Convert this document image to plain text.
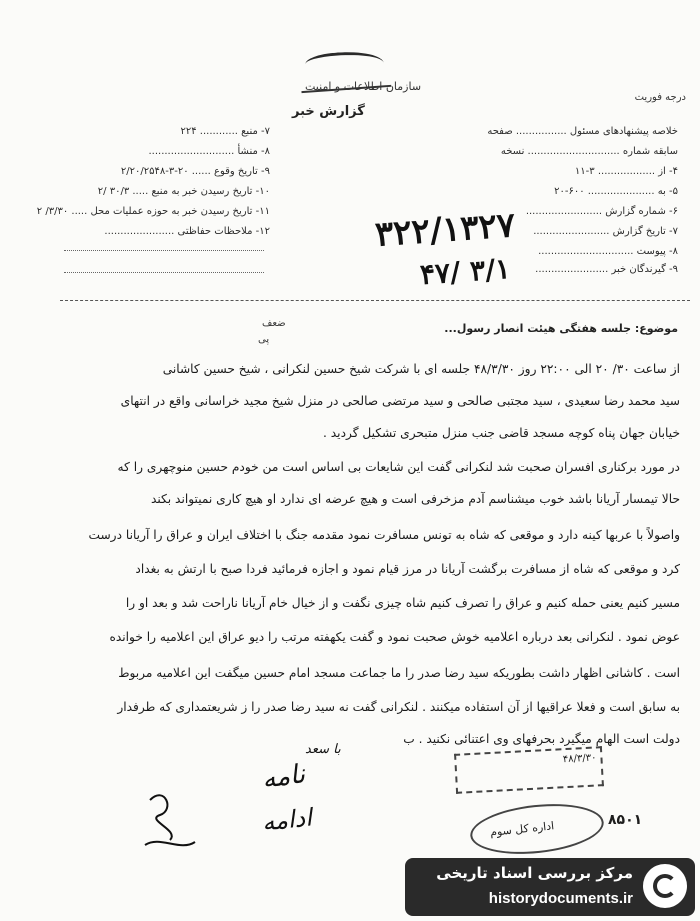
سازمان اطلاعات و امنیت
درجه فوریت
گزارش خبر
خلاصه پیشنهادهای مسئول ................ صفحه
سابقه شماره ............................. نسخه
۴- از .................. ۳-۱۱
۵- به ..................... ۶۰۰-۲۰
۶- شماره گزارش ........................
۷- تاریخ گزارش ........................
۸- پیوست ..............................
۹- گیرندگان خبر .......................
۷- منبع ............ ۲۲۴
۸- منشأ ...........................
۹- تاریخ وقوع ...... ۲۰-۳-۲/۲۰/۲۵۴۸
۱۰- تاریخ رسیدن خبر به منبع ..... ۳۰/۳ /۲
۱۱- تاریخ رسیدن خبر به حوزه عملیات محل ..... ۳/۳۰/ ۲
۱۲- ملاحظات حفاظتی ......................	۳۲۲/۱۳۲۷
۳/۱ /۴۷
ضعف
پی
موضوع: جلسه هفتگی هیئت انصار رسول...
از ساعت ۳۰/ ۲۰ الی ۲۲:۰۰ روز ۴۸/۳/۳۰ جلسه ای با شرکت شیخ حسین لنکرانی ، شیخ حسین کاشانی
سید محمد رضا سعیدی ، سید مجتبی صالحی و سید مرتضی صالحی در منزل شیخ مجید خراسانی واقع در انتهای
خیابان جهان پناه کوچه مسجد قاضی جنب منزل متبحری تشکیل گردید .
در مورد برکناری افسران صحبت شد لنکرانی گفت این شایعات بی اساس است من خودم حسین منوچهری را که
حالا تیمسار آریانا باشد خوب میشناسم آدم مزخرفی است و هیچ عرضه ای ندارد او هیچ کاری نمیتواند بکند
واصولاً با عربها کینه دارد و موقعی که شاه به تونس مسافرت نمود مقدمه جنگ با اختلاف ایران و عراق را آریانا درست
کرد و موقعی که شاه از مسافرت برگشت آریانا در مرز قیام نمود و اجازه فرمائید فردا صبح با ارتش به بغداد
مسیر کنیم یعنی حمله کنیم و عراق را تصرف کنیم شاه چیزی نگفت و از خیال خام آریانا ناراحت شد و بعد او را
عوض نمود . لنکرانی بعد درباره اعلامیه خوش صحبت نمود و گفت یکهفته مرتب را دیو عراق این اعلامیه را خوانده
است . کاشانی اظهار داشت بطوریکه سید رضا صدر را ما جماعت مسجد امام حسین میگفت این اعلامیه مربوط
به سابق است و فعلا عراقیها از آن استفاده میکنند . لنکرانی گفت نه سید رضا صدر را ز شریعتمداری که طرفدار
دولت است الهام میگیرد بحرفهای وی اعتنائی نکنید . ب
با سعد
نامه
ادامه
۴۸/۳/۳۰
اداره کل سوم	۸۵۰۱
مرکز بررسی اسناد تاریخی
historydocuments.ir
